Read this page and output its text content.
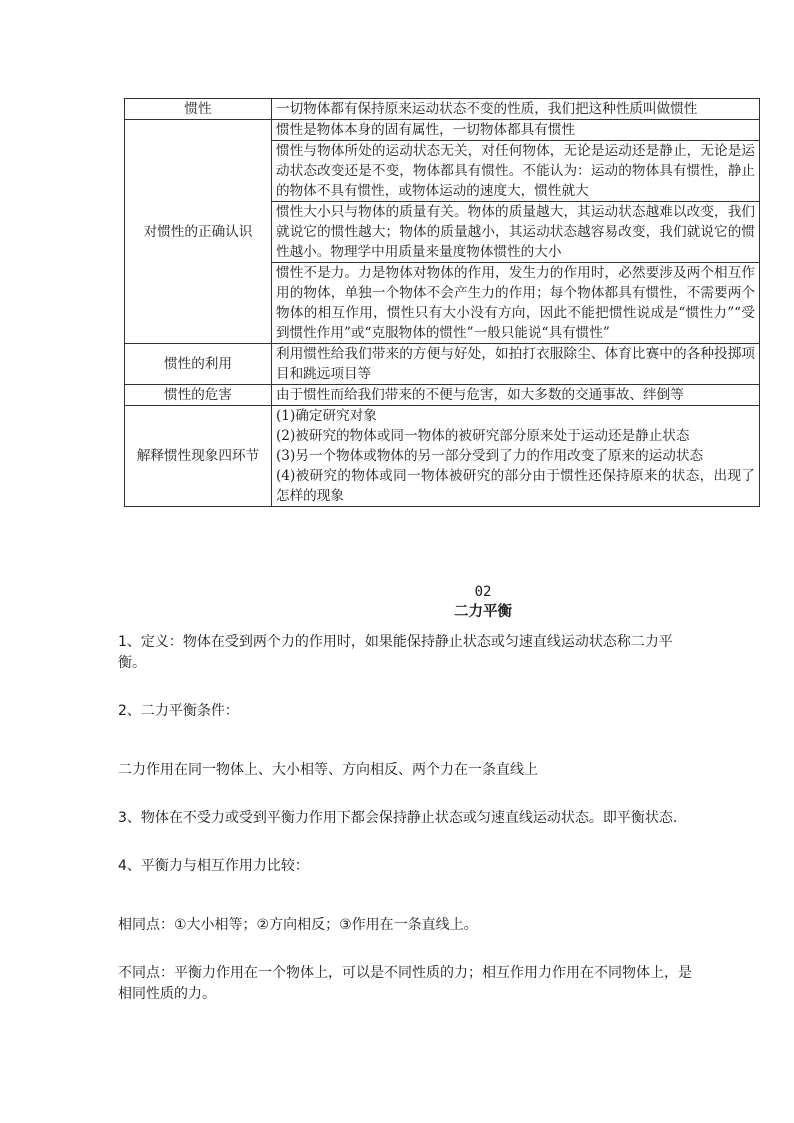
惯性	一切物体都有保持原来运动状态不变的性质，我们把这种性质叫做惯性

对惯性的正确认识	惯性是物体本身的固有属性，一切物体都具有惯性

	惯性与物体所处的运动状态无关，对任何物体，无论是运动还是静止，无论是运动状态改变还是不变，物体都具有惯性。不能认为：运动的物体具有惯性，静止的物体不具有惯性，或物体运动的速度大，惯性就大

	惯性大小只与物体的质量有关。物体的质量越大，其运动状态越难以改变，我们就说它的惯性越大；物体的质量越小，其运动状态越容易改变，我们就说它的惯性越小。物理学中用质量来量度物体惯性的大小

	惯性不是力。力是物体对物体的作用，发生力的作用时，必然要涉及两个相互作用的物体，单独一个物体不会产生力的作用；每个物体都具有惯性，不需要两个物体的相互作用，惯性只有大小没有方向，因此不能把惯性说成是“惯性力”“受到惯性作用”或“克服物体的惯性”一般只能说“具有惯性”

惯性的利用	利用惯性给我们带来的方便与好处，如拍打衣服除尘、体育比赛中的各种投掷项目和跳远项目等

惯性的危害	由于惯性而给我们带来的不便与危害，如大多数的交通事故、绊倒等

解释惯性现象四环节	(1)确定研究对象
(2)被研究的物体或同一物体的被研究部分原来处于运动还是静止状态
(3)另一个物体或物体的另一部分受到了力的作用改变了原来的运动状态
(4)被研究的物体或同一物体被研究的部分由于惯性还保持原来的状态，出现了怎样的现象
02
二力平衡

1、定义：物体在受到两个力的作用时，如果能保持静止状态或匀速直线运动状态称二力平衡。

2、二力平衡条件：

二力作用在同一物体上、大小相等、方向相反、两个力在一条直线上

3、物体在不受力或受到平衡力作用下都会保持静止状态或匀速直线运动状态。即平衡状态.

4、平衡力与相互作用力比较：

相同点：①大小相等；②方向相反；③作用在一条直线上。

不同点：平衡力作用在一个物体上，可以是不同性质的力；相互作用力作用在不同物体上，是相同性质的力。
